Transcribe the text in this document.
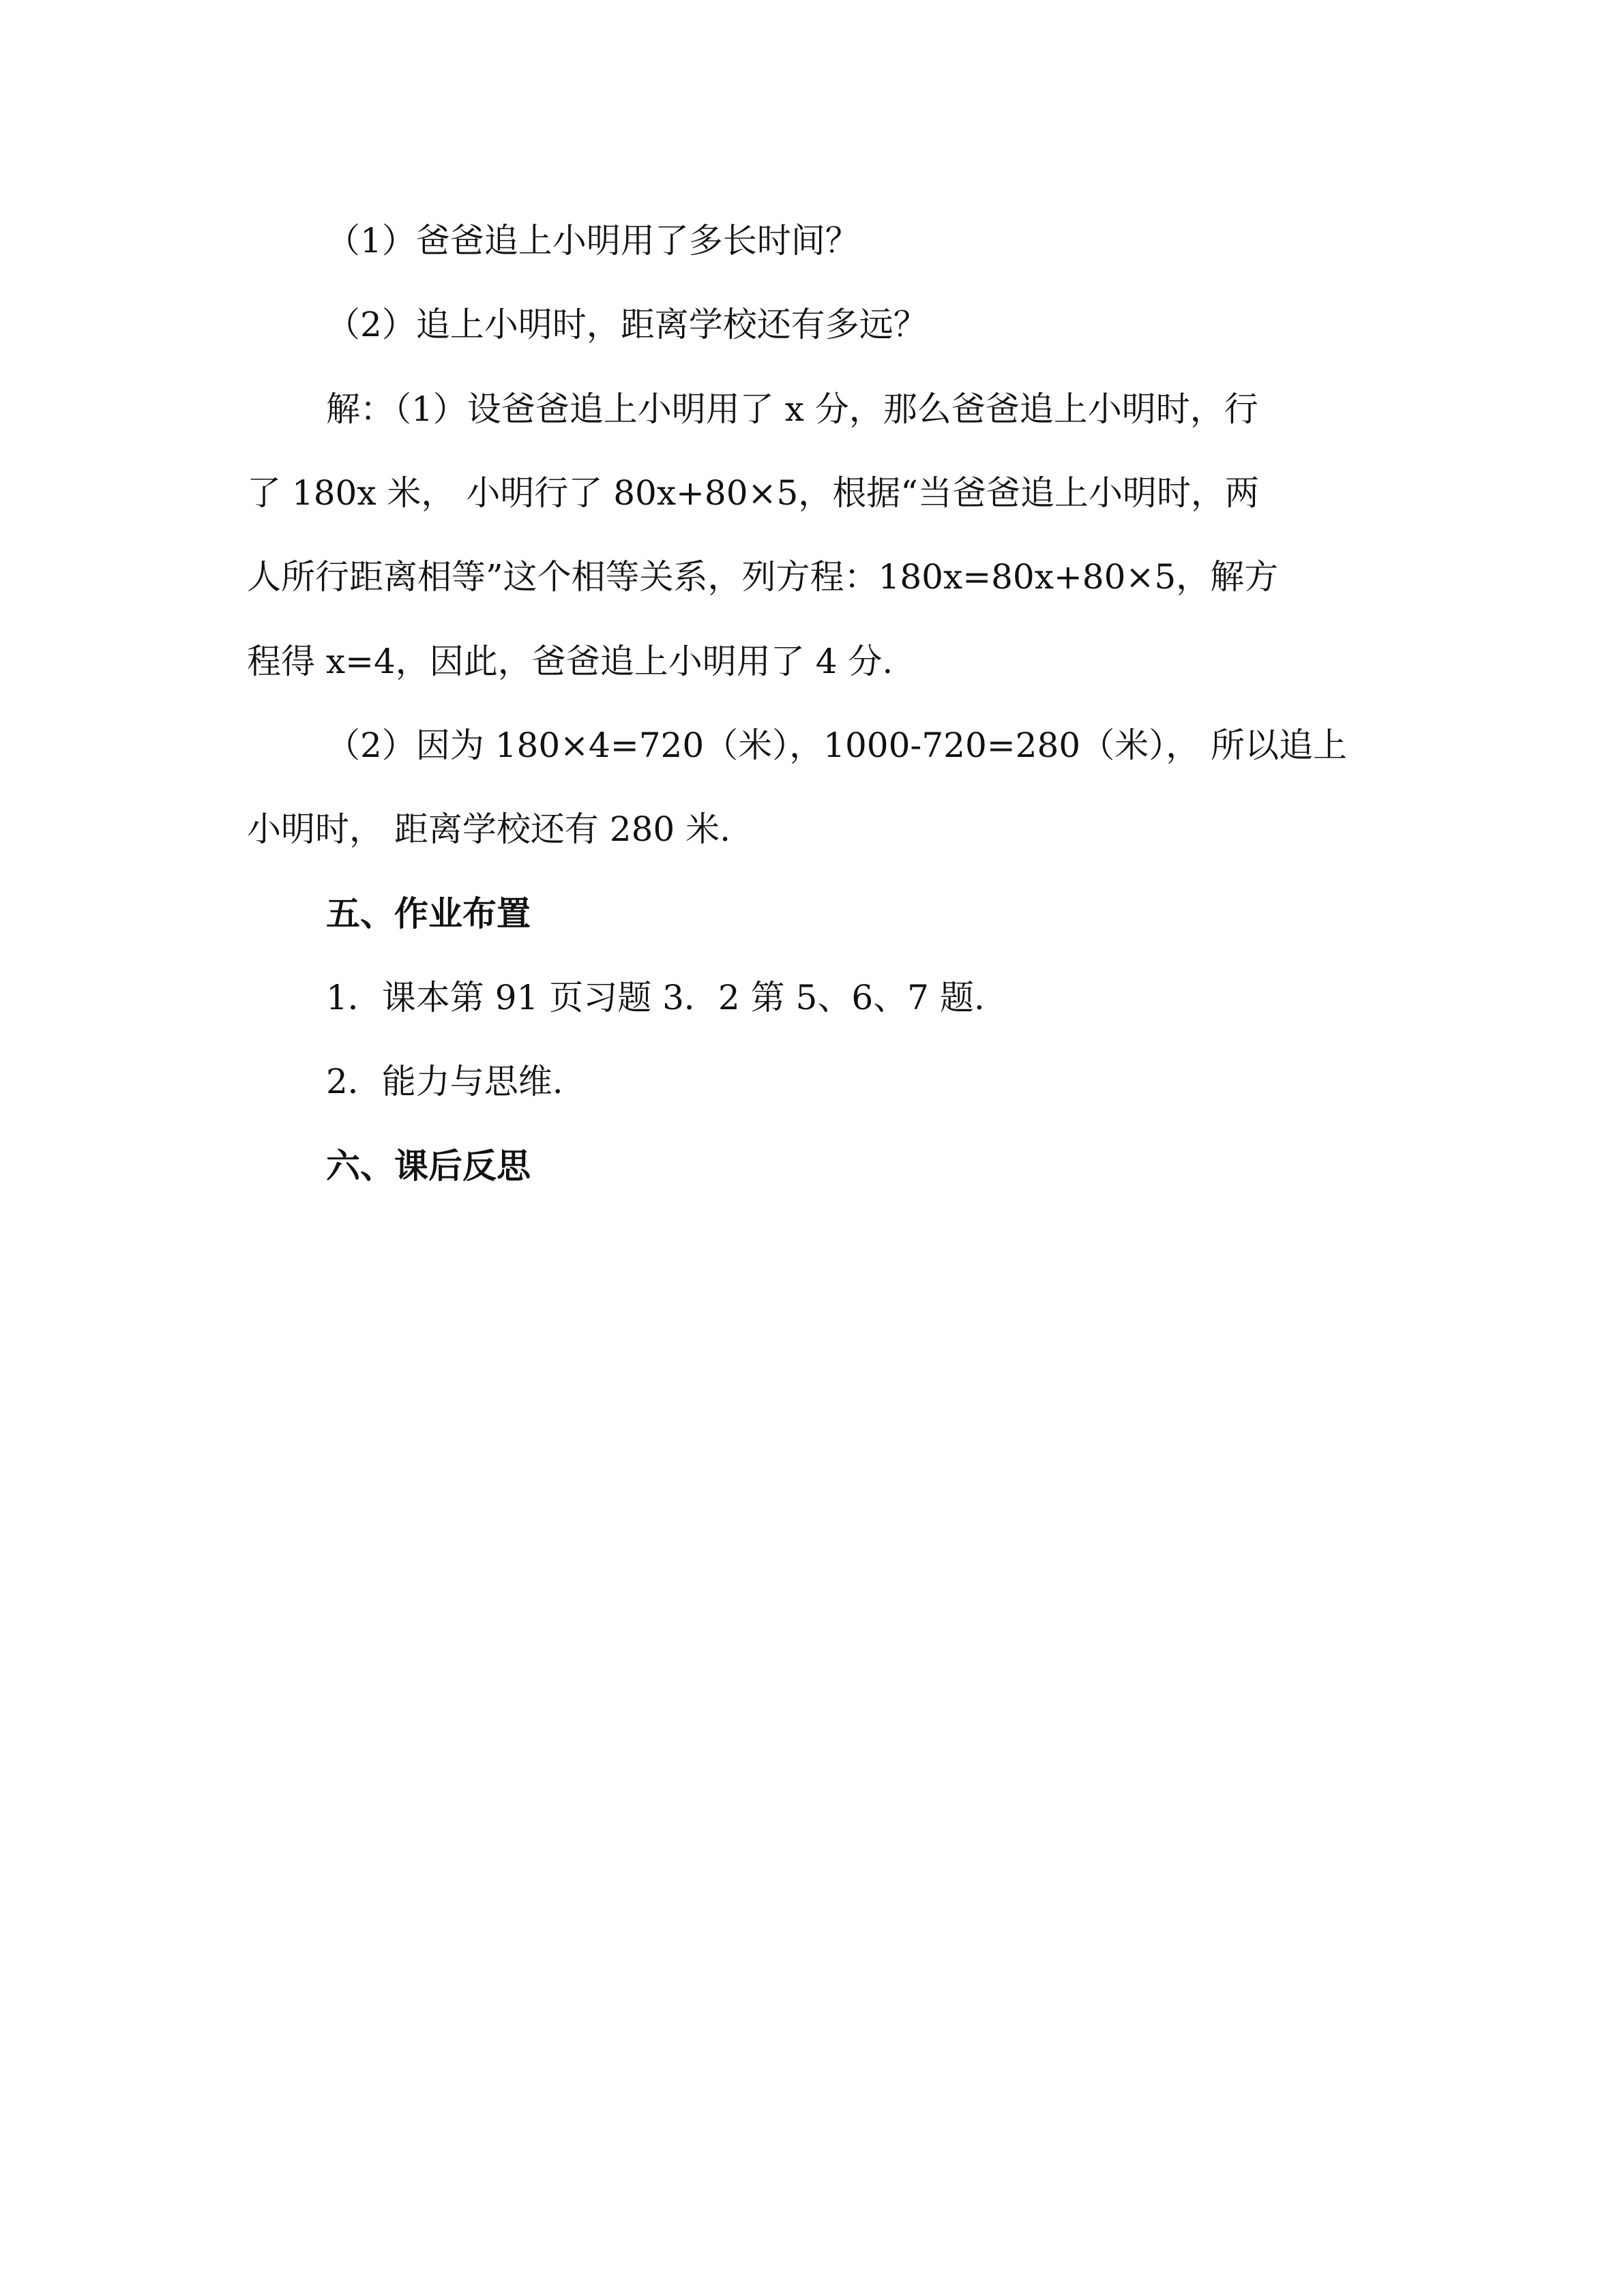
（1）爸爸追上小明用了多长时间？
（2）追上小明时，距离学校还有多远？
解：（1）设爸爸追上小明用了 x 分，那么爸爸追上小明时，行
了 180x 米， 小明行了 80x+80×5，根据“当爸爸追上小明时，两
人所行距离相等”这个相等关系，列方程：180x=80x+80×5，解方
程得 x=4，因此，爸爸追上小明用了 4 分.
（2）因为 180×4=720（米），1000-720=280（米）， 所以追上
小明时， 距离学校还有 280 米.
五、作业布置
1．课本第 91 页习题 3．2 第 5、6、7 题.
2．能力与思维.
六、课后反思
